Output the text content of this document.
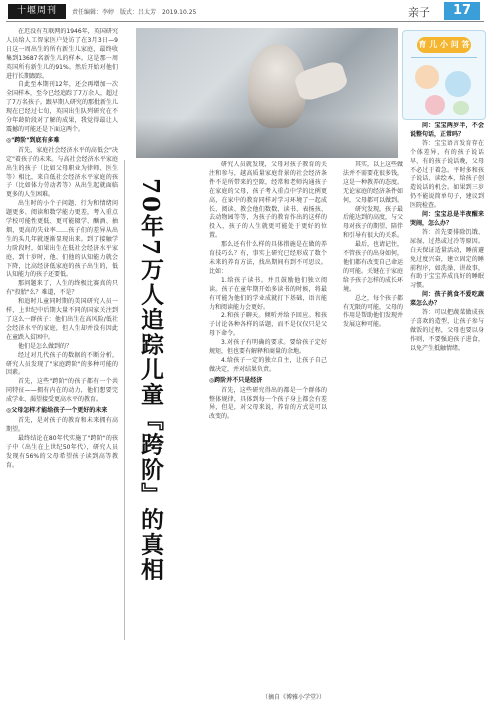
十堰周刊	责任编辑：李婷　版式：吕太芳　2019.10.25	亲子	17

在迟没有互联网的1946年，英国研究人员给人工智家医户处访了在3月3日—9日这一周出生的所有新生儿家庭，最终收集到13687名新生儿的样本。这是那一周英国所有新生儿的91%。然后开始对他们进行长期跟踪。

自此至本期刊12年，还会再增加一次全国样本，至今已经追踪了7万余人，超过了7万名孩子。跟早期人研究的那批新生儿现在已经过七旬，英国出生队列研究在不分年龄阶段对了解的成果，我觉得最让人震撼的可能还是下面这两个。

◎"跨阶"到底有多难

首先，家庭社会经济水平的高低会"决定"着孩子的未来。与高社会经济水平家庭出生的孩子（比如父母职业为律师、医生等）相比，来自低社会经济水平家庭的孩子（比如体力劳动者等）从出生起就面临更多的人生困难。

出生时的小个子问题、行为和情绪问题更多、阅读和数学能力更差，考入重点学校可能性更低、更可能辍学、酗酒、抽烟，更高的失业率……孩子们的差异从出生的头几年就逐渐显现出来。到了接触学力阶段时，如果出生在低社会经济水平家庭，到十岁时，他、们他的认知能力就会下降，比高经济低家庭的孩子出生的，低认知能力的孩子还要低。

那问题来了，人生的终极比赛真的只有"投胎"么？难道，不是？

和追时儿童同时期的美国研究人员一样，上世纪中后期大量不同的国家关注到了这么一群孩子：他们出生在高风险/低社会经济水平的家庭，但人生却并没有因此在童跌入贫困中。

他们是怎么做到的？

经过对几代孩子的数据的不断分析，研究人员发现了"家庭跨阶"的多种可能的因素。

首先，这些"跨阶"的孩子都有一个共同特征——拥有内在的动力，他们想要完成学业、渴望接受更高水平的教育。

◎父母怎样才能给孩子一个更好的未来

首先，是对孩子的教育和未来拥有高期望。

最终结论在80年代实施了"跨阶"的孩子中（出生在上世纪50年代），研究人员发现有56%的父母希望孩子读到高等教育。

育 儿 小 问 答
70年7万人追踪儿童『跨阶』的真相

研究人员就发现，父母对孩子教育的关注和参与，越高质量家庭背景的社会经济条件不是所带来的空隙，经常和老师沟通孩子在家庭的父母，孩子考入重点中学的比例更高，在家中的教育同样对学习环境了一起成长、阅读、教会他们数数、读书、表扬孩、去动物园等等，为孩子的教育作出的这样的投入，孩子的人生就更可能处于更好的位置。

那么还有什么样的具体措施是在做的养育技巧么？有，事实上研究已经形成了数个未来的养育方法，找出期间有到不可思议。比如：

1.给孩子读书。并且鼓励他们独立阅读。孩子在童年期开始多读书的时候，将最有可能为他们的学业成就打下基础，语言能力和阅读能力会更好。

2.和孩子聊天。倾听并给予回应。和孩子讨论各种各样的话题，而不是仅仅只是父母下命令。

3.对孩子有明确的要求。要给孩子定好规矩，但也要有解释和商量的余地。

4.给孩子一定的独立自主，让孩子自己做决定，并对结果负责。

◎跨阶并不只是经济

首先，这些研究得出的都是一个群体的整体规律，具体到每一个孩子身上都会有差异，但是，对父母来说，养育的方式是可以改变的。

其实，以上这些做法并不需要花很多钱，这是一种教养的态度。无论家庭的经济条件如何，父母都可以做到。

研究发现，孩子最后能达到的高度，与父母对孩子的期望、陪伴和引导有很大的关系。

最后，也请记住，不管孩子的出身如何，他们都有改变自己命运的可能。关键在于家庭给予孩子怎样的成长环境。

总之，每个孩子都有无限的可能，父母的作用是帮助他们发现并发展这种可能。

问：宝宝两岁半，不会说整句话，正常吗？

答：宝宝语言发育存在个体差异，有的孩子说话早，有的孩子说话晚，父母不必过于着急。平时多和孩子说话、读绘本，给孩子创造说话的机会。如果到三岁仍不能说简单句子，建议到医院检查。

问：宝宝总是半夜醒来哭闹，怎么办？

答：首先要排除饥饿、尿湿、过热或过冷等原因。白天保证适量活动，睡前避免过度兴奋，建立固定的睡前程序，如洗澡、讲故事，有助于宝宝养成良好的睡眠习惯。

问：孩子挑食不爱吃蔬菜怎么办？

答：可以把蔬菜做成孩子喜欢的造型，让孩子参与做饭的过程，父母也要以身作则，不要强迫孩子进食，以免产生抵触情绪。

（摘自《博雅小学堂》）
